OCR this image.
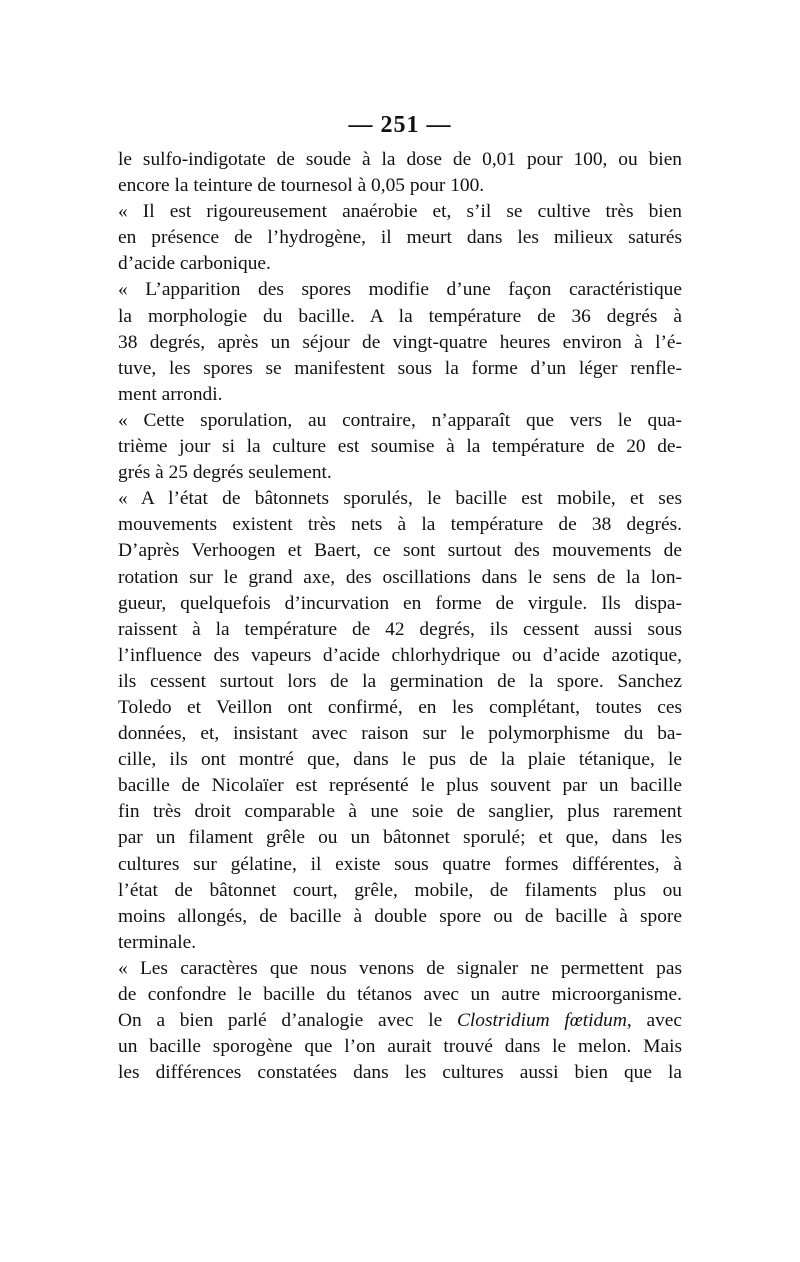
— 251 —
le sulfo-indigotate de soude à la dose de 0,01 pour 100, ou bien
encore la teinture de tournesol à 0,05 pour 100.
« Il est rigoureusement anaérobie et, s’il se cultive très bien
en présence de l’hydrogène, il meurt dans les milieux saturés
d’acide carbonique.
« L’apparition des spores modifie d’une façon caractéristique
la morphologie du bacille. A la température de 36 degrés à
38 degrés, après un séjour de vingt-quatre heures environ à l’é-
tuve, les spores se manifestent sous la forme d’un léger renfle-
ment arrondi.
« Cette sporulation, au contraire, n’apparaît que vers le qua-
trième jour si la culture est soumise à la température de 20 de-
grés à 25 degrés seulement.
« A l’état de bâtonnets sporulés, le bacille est mobile, et ses
mouvements existent très nets à la température de 38 degrés.
D’après Verhoogen et Baert, ce sont surtout des mouvements de
rotation sur le grand axe, des oscillations dans le sens de la lon-
gueur, quelquefois d’incurvation en forme de virgule. Ils dispa-
raissent à la température de 42 degrés, ils cessent aussi sous
l’influence des vapeurs d’acide chlorhydrique ou d’acide azotique,
ils cessent surtout lors de la germination de la spore. Sanchez
Toledo et Veillon ont confirmé, en les complétant, toutes ces
données, et, insistant avec raison sur le polymorphisme du ba-
cille, ils ont montré que, dans le pus de la plaie tétanique, le
bacille de Nicolaïer est représenté le plus souvent par un bacille
fin très droit comparable à une soie de sanglier, plus rarement
par un filament grêle ou un bâtonnet sporulé; et que, dans les
cultures sur gélatine, il existe sous quatre formes différentes, à
l’état de bâtonnet court, grêle, mobile, de filaments plus ou
moins allongés, de bacille à double spore ou de bacille à spore
terminale.
« Les caractères que nous venons de signaler ne permettent pas
de confondre le bacille du tétanos avec un autre microorganisme.
On a bien parlé d’analogie avec le Clostridium fœtidum, avec
un bacille sporogène que l’on aurait trouvé dans le melon. Mais
les différences constatées dans les cultures aussi bien que la
